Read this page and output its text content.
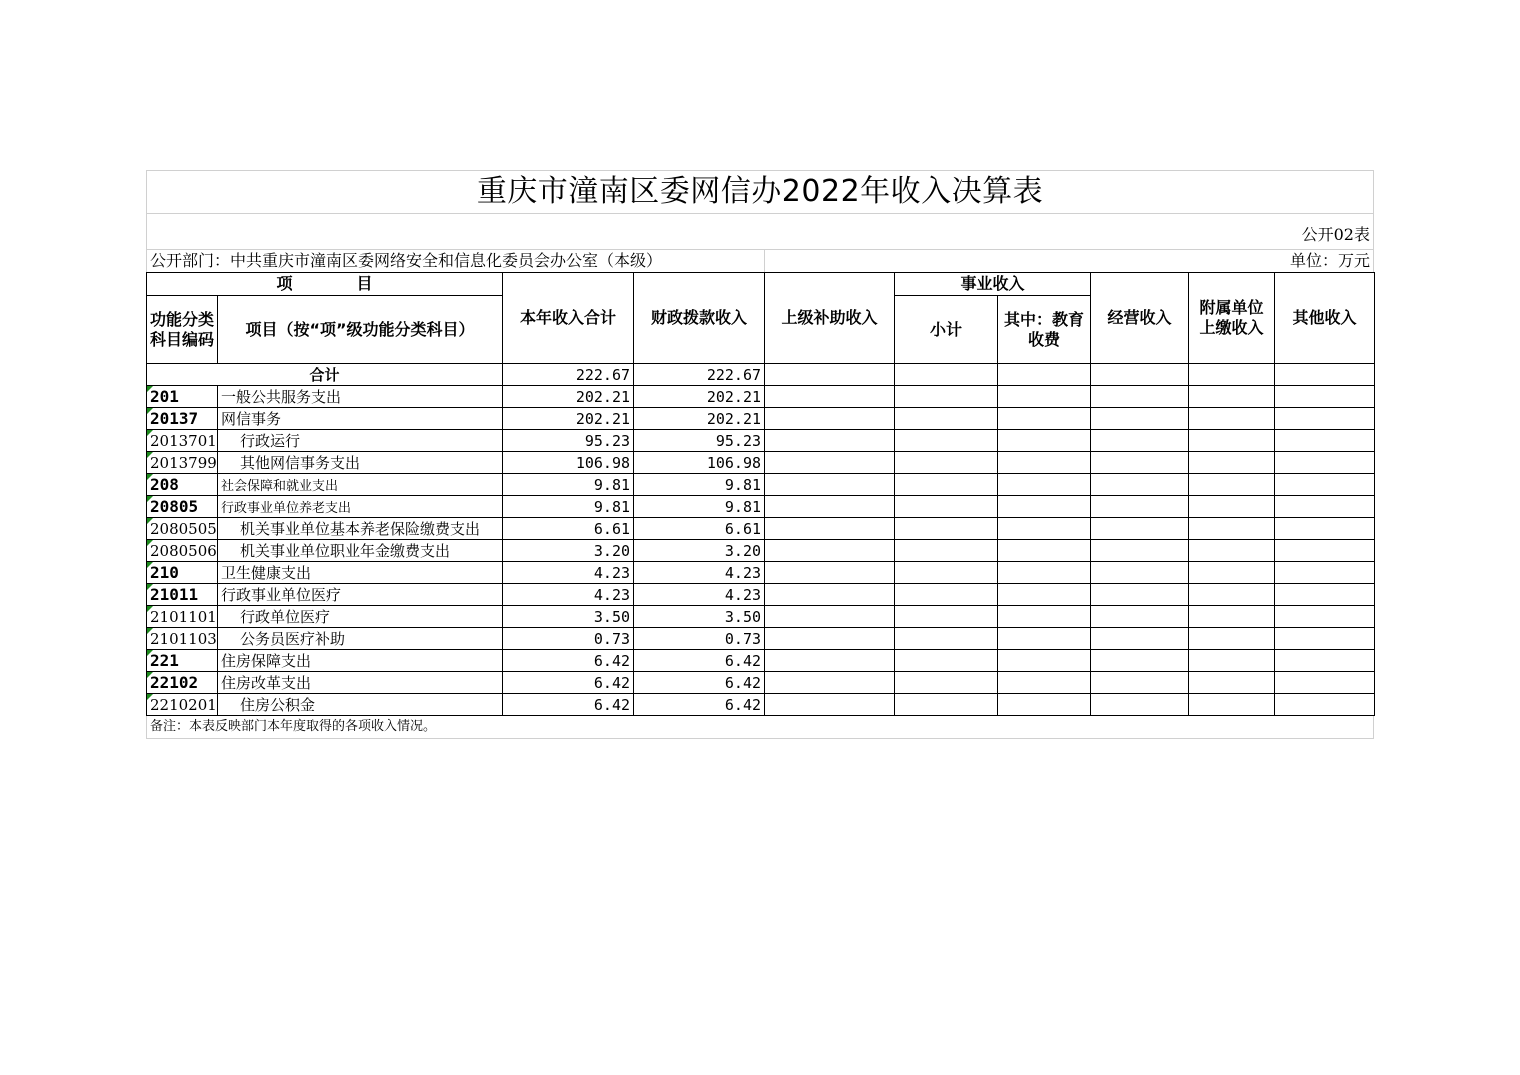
重庆市潼南区委网信办2022年收入决算表
公开02表
公开部门：中共重庆市潼南区委网络安全和信息化委员会办公室（本级）	单位：万元
项　　　　目		本年收入合计	财政拨款收入	上级补助收入	事业收入		经营收入	附属单位上缴收入	其他收入
功能分类科目编码	项目（按“项”级功能分类科目）				小计	其中：教育收费			
合计		222.67	222.67						

201	一般公共服务支出	202.21	202.21						

20137	网信事务	202.21	202.21						

2013701	行政运行	95.23	95.23						

2013799	其他网信事务支出	106.98	106.98						

208	社会保障和就业支出	9.81	9.81						

20805	行政事业单位养老支出	9.81	9.81						

2080505	机关事业单位基本养老保险缴费支出	6.61	6.61						

2080506	机关事业单位职业年金缴费支出	3.20	3.20						

210	卫生健康支出	4.23	4.23						

21011	行政事业单位医疗	4.23	4.23						

2101101	行政单位医疗	3.50	3.50						

2101103	公务员医疗补助	0.73	0.73						

221	住房保障支出	6.42	6.42						

22102	住房改革支出	6.42	6.42						

2210201	住房公积金	6.42	6.42						
备注：本表反映部门本年度取得的各项收入情况。
